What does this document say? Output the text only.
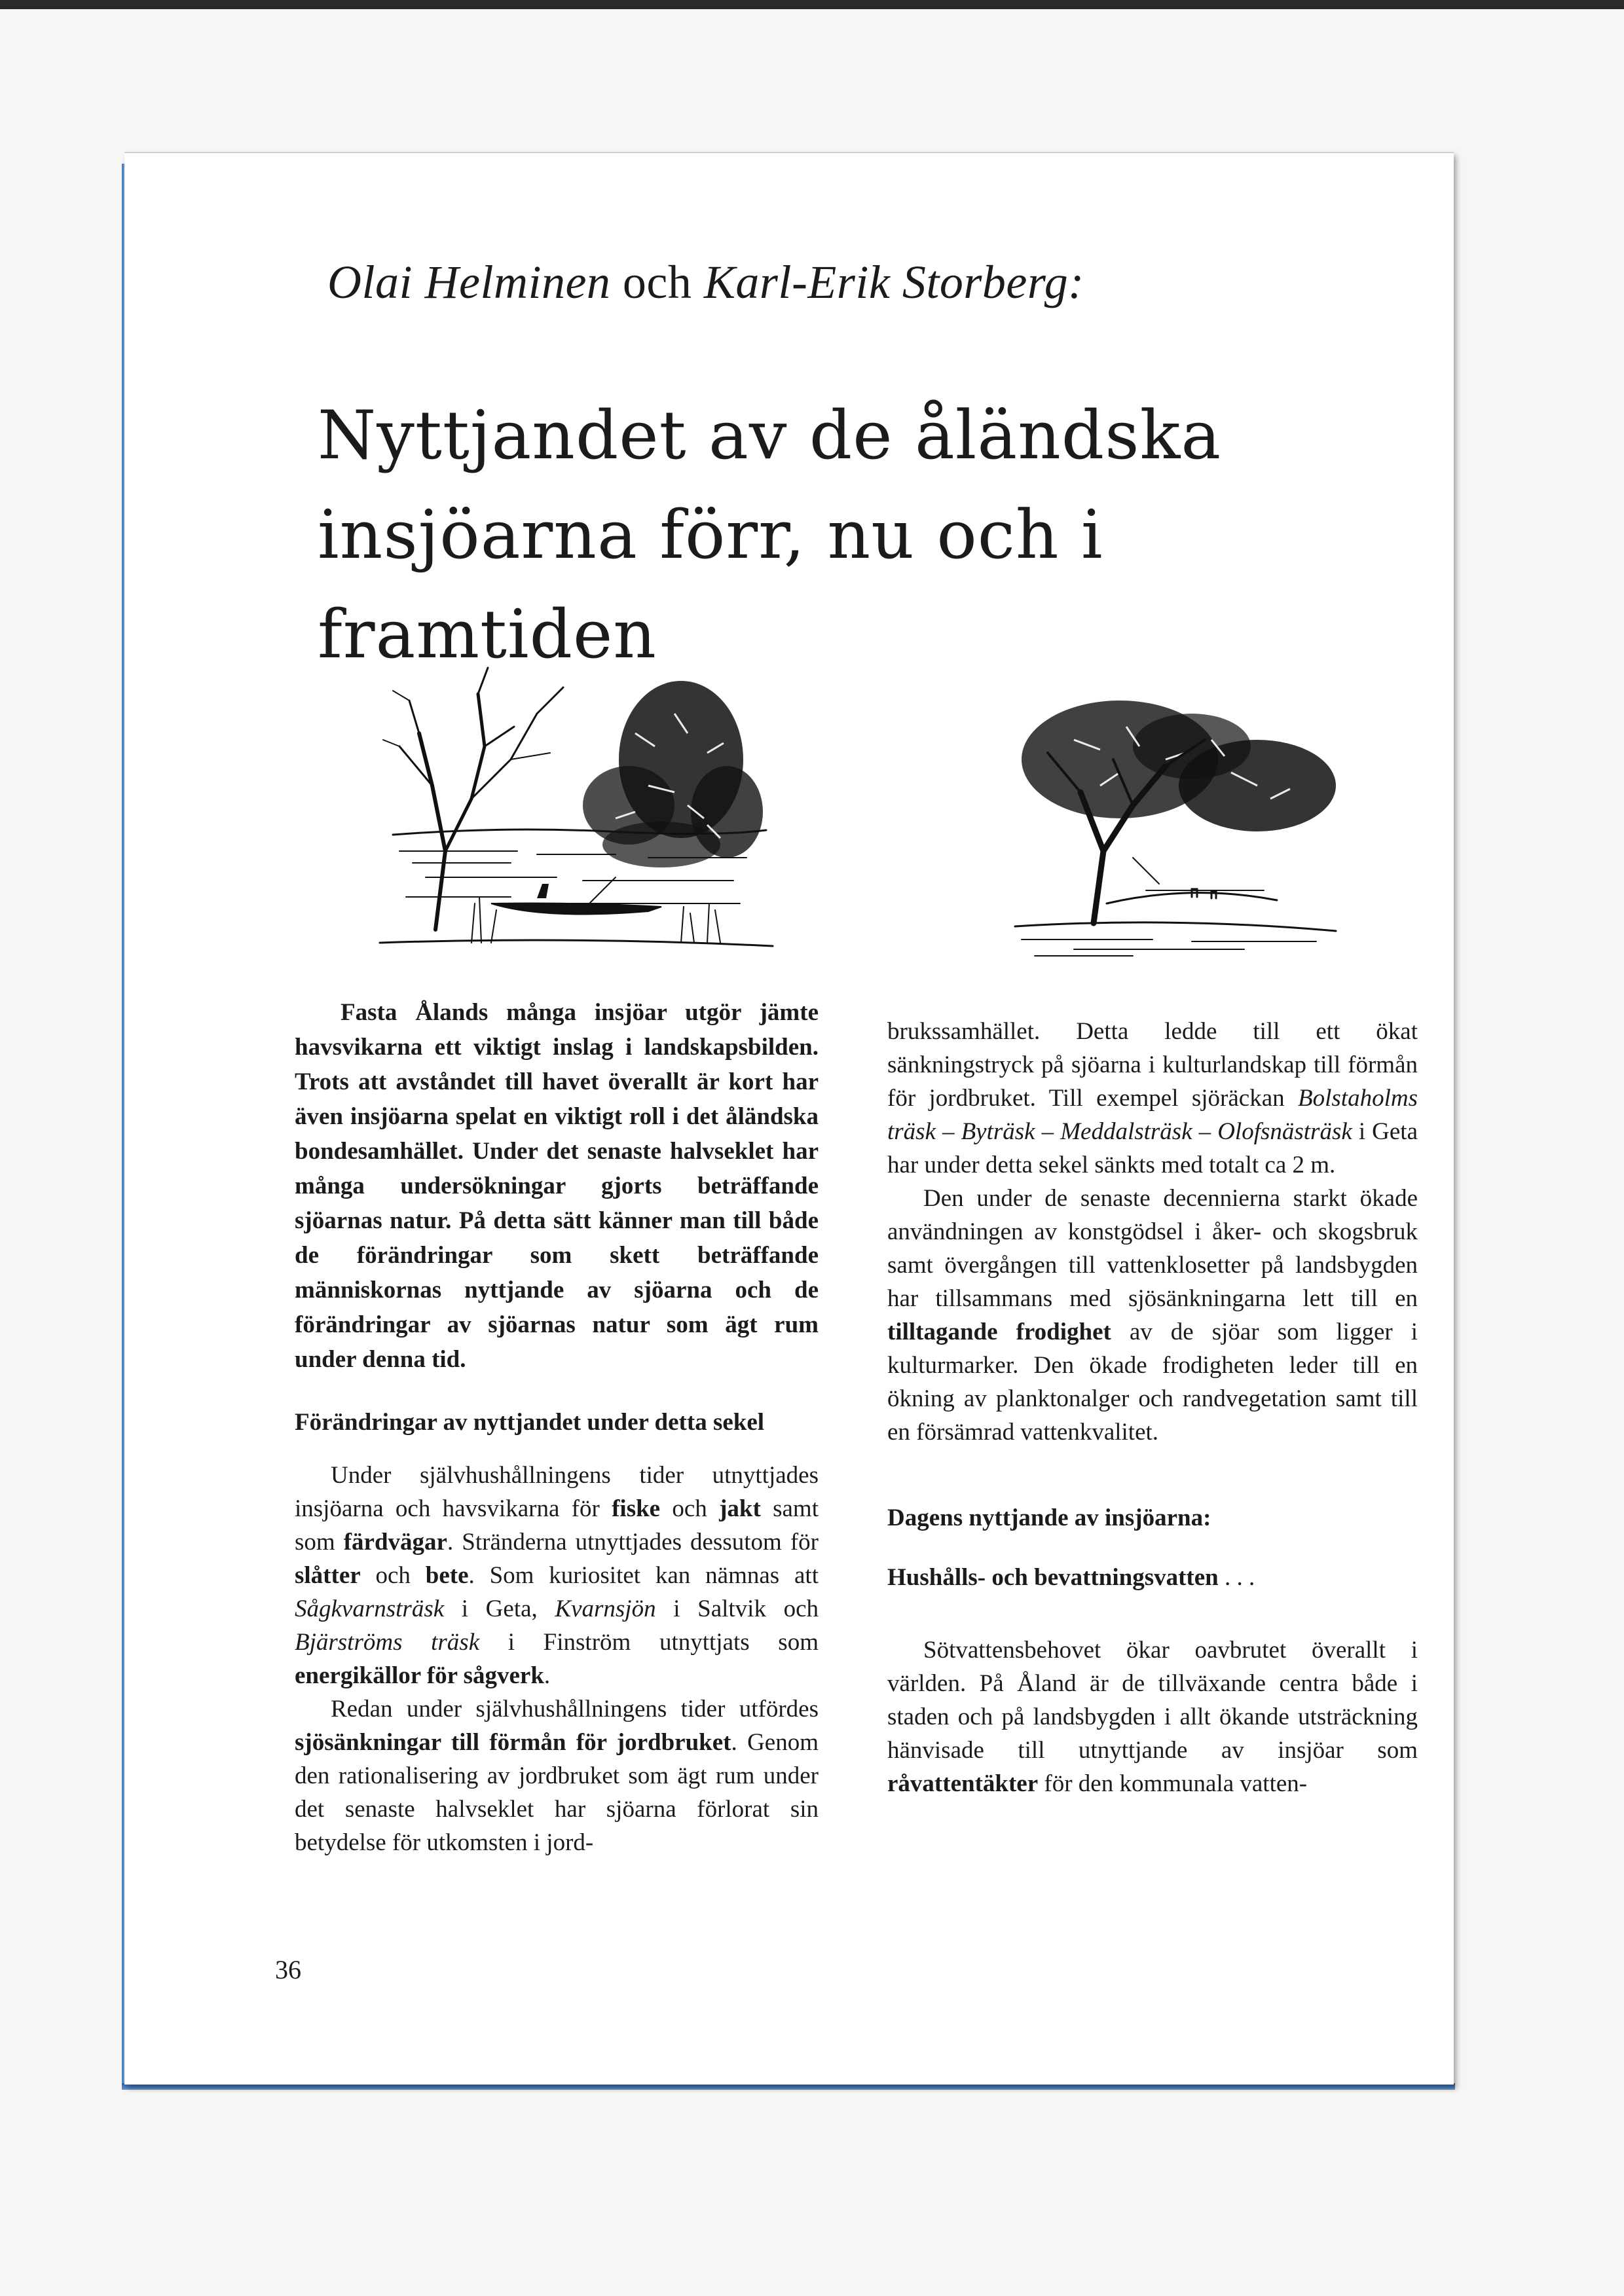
Olai Helminen och Karl-Erik Storberg:
Nyttjandet av de åländska
insjöarna förr, nu och i framtiden

Fasta Ålands många insjöar utgör jämte havsvikarna ett viktigt inslag i landskapsbilden. Trots att avståndet till havet överallt är kort har även insjöarna spelat en viktigt roll i det åländska bondesamhället. Under det senaste halvseklet har många undersökningar gjorts beträffande sjöarnas natur. På detta sätt känner man till både de förändringar som skett beträffande människornas nyttjande av sjöarna och de förändringar av sjöarnas natur som ägt rum under denna tid.

Förändringar av nyttjandet under detta sekel

Under självhushållningens tider utnyttjades insjöarna och havsvikarna för fiske och jakt samt som färdvägar. Stränderna utnyttjades dessutom för slåtter och bete. Som kuriositet kan nämnas att Sågkvarnsträsk i Geta, Kvarnsjön i Saltvik och Bjärströms träsk i Finström utnyttjats som energikällor för sågverk.

Redan under självhushållningens tider utfördes sjösänkningar till förmån för jordbruket. Genom den rationalisering av jordbruket som ägt rum under det senaste halvseklet har sjöarna förlorat sin betydelse för utkomsten i jord-

brukssamhället. Detta ledde till ett ökat sänkningstryck på sjöarna i kulturlandskap till förmån för jordbruket. Till exempel sjöräckan Bolstaholms träsk – Byträsk – Meddalsträsk – Olofsnästräsk i Geta har under detta sekel sänkts med totalt ca 2 m.

Den under de senaste decennierna starkt ökade användningen av konstgödsel i åker- och skogsbruk samt övergången till vattenklosetter på landsbygden har tillsammans med sjösänkningarna lett till en tilltagande frodighet av de sjöar som ligger i kulturmarker. Den ökade frodigheten leder till en ökning av planktonalger och randvegetation samt till en försämrad vattenkvalitet.

Dagens nyttjande av insjöarna:

Hushålls- och bevattningsvatten . . .

Sötvattensbehovet ökar oavbrutet överallt i världen. På Åland är de tillväxande centra både i staden och på landsbygden i allt ökande utsträckning hänvisade till utnyttjande av insjöar som råvattentäkter för den kommunala vatten-

36
